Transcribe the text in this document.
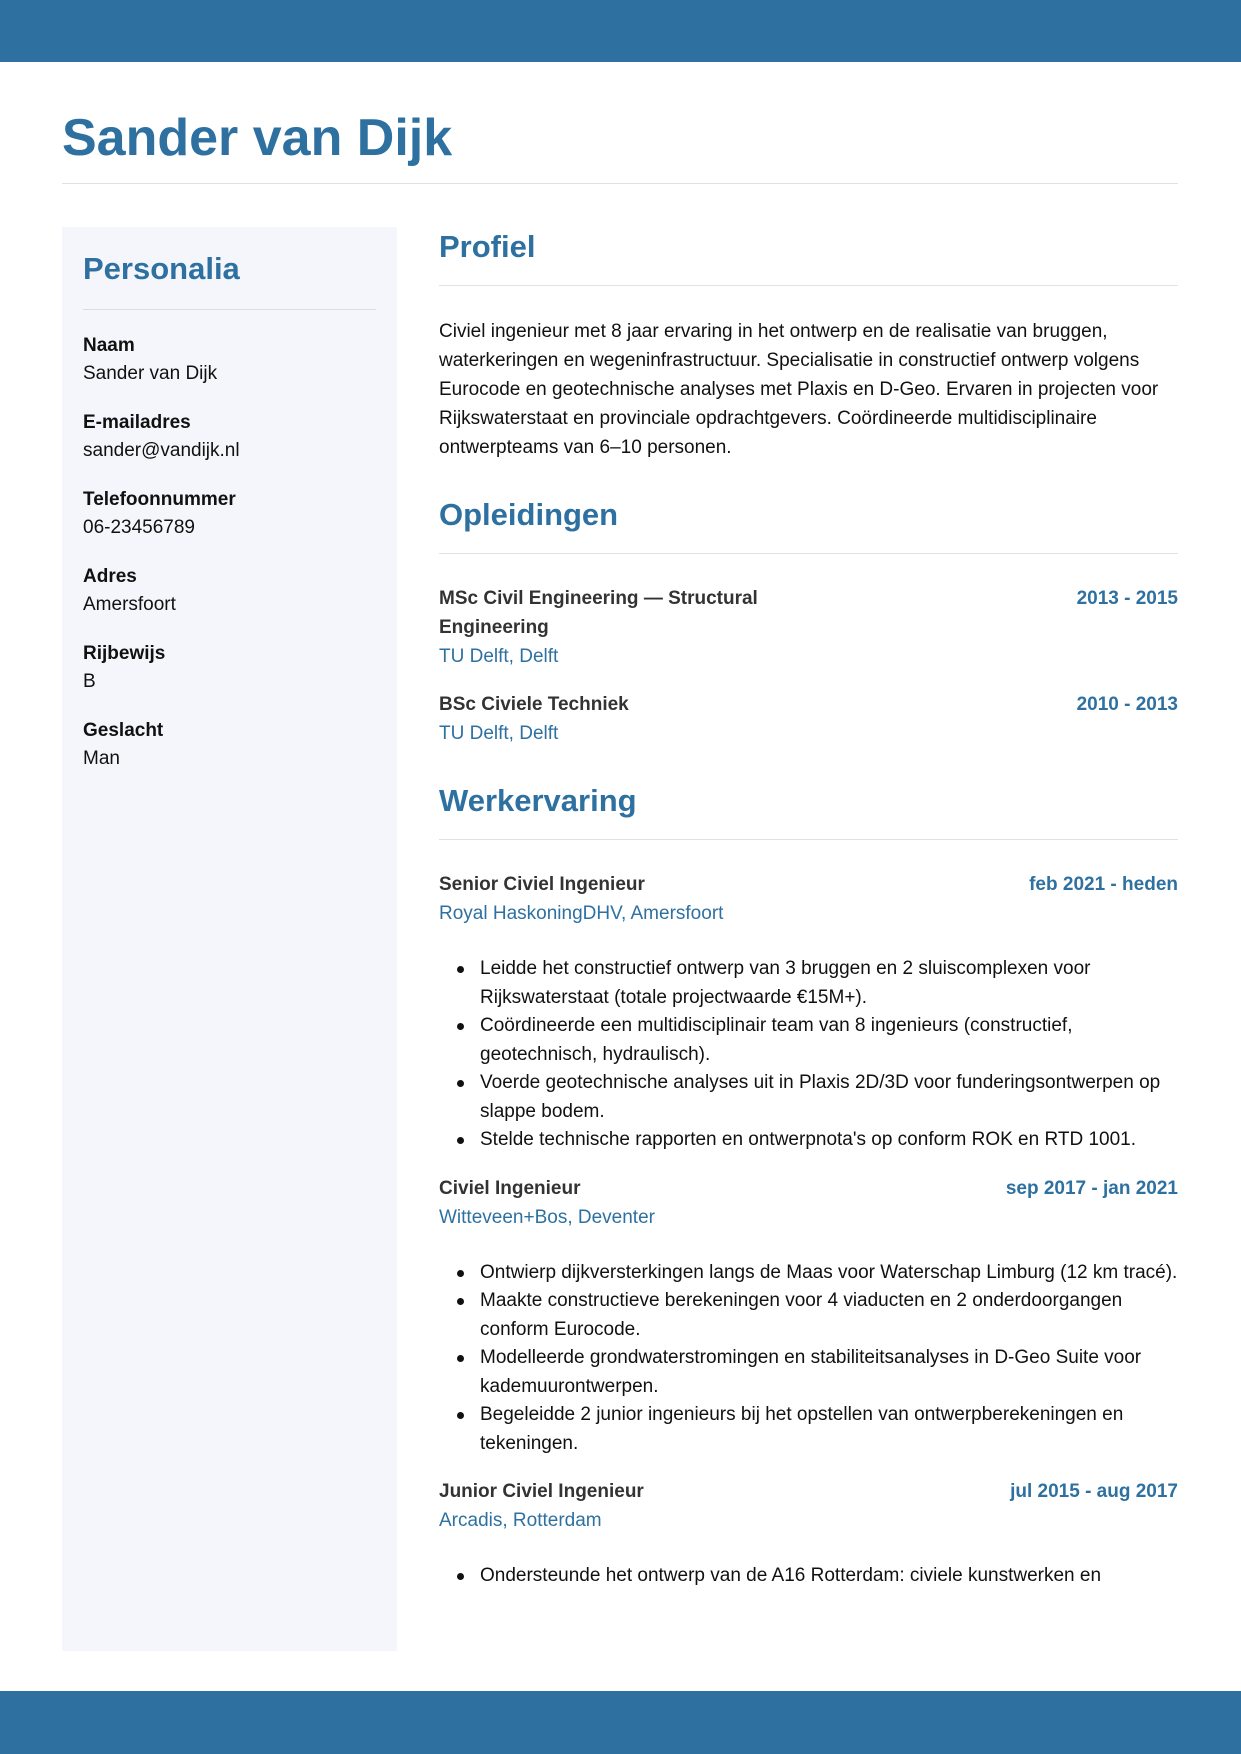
Sander van Dijk
Personalia
Naam
Sander van Dijk
E-mailadres
sander@vandijk.nl
Telefoonnummer
06-23456789
Adres
Amersfoort
Rijbewijs
B
Geslacht
Man
Profiel

Civiel ingenieur met 8 jaar ervaring in het ontwerp en de realisatie van bruggen, waterkeringen en wegeninfrastructuur. Specialisatie in constructief ontwerp volgens Eurocode en geotechnische analyses met Plaxis en D-Geo. Ervaren in projecten voor Rijkswaterstaat en provinciale opdrachtgevers. Coördineerde multidisciplinaire ontwerpteams van 6–10 personen.

Opleidingen
MSc Civil Engineering — Structural Engineering
2013 - 2015
TU Delft, Delft
BSc Civiele Techniek	2010 - 2013
TU Delft, Delft
Werkervaring
Senior Civiel Ingenieur	feb 2021 - heden
Royal HaskoningDHV, Amersfoort
Leidde het constructief ontwerp van 3 bruggen en 2 sluiscomplexen voor Rijkswaterstaat (totale projectwaarde €15M+).
Coördineerde een multidisciplinair team van 8 ingenieurs (constructief, geotechnisch, hydraulisch).
Voerde geotechnische analyses uit in Plaxis 2D/3D voor funderingsontwerpen op slappe bodem.
Stelde technische rapporten en ontwerpnota's op conform ROK en RTD 1001.
Civiel Ingenieur	sep 2017 - jan 2021
Witteveen+Bos, Deventer
Ontwierp dijkversterkingen langs de Maas voor Waterschap Limburg (12 km tracé).
Maakte constructieve berekeningen voor 4 viaducten en 2 onderdoorgangen conform Eurocode.
Modelleerde grondwaterstromingen en stabiliteitsanalyses in D-Geo Suite voor kademuurontwerpen.
Begeleidde 2 junior ingenieurs bij het opstellen van ontwerpberekeningen en tekeningen.
Junior Civiel Ingenieur	jul 2015 - aug 2017
Arcadis, Rotterdam
Ondersteunde het ontwerp van de A16 Rotterdam: civiele kunstwerken en
